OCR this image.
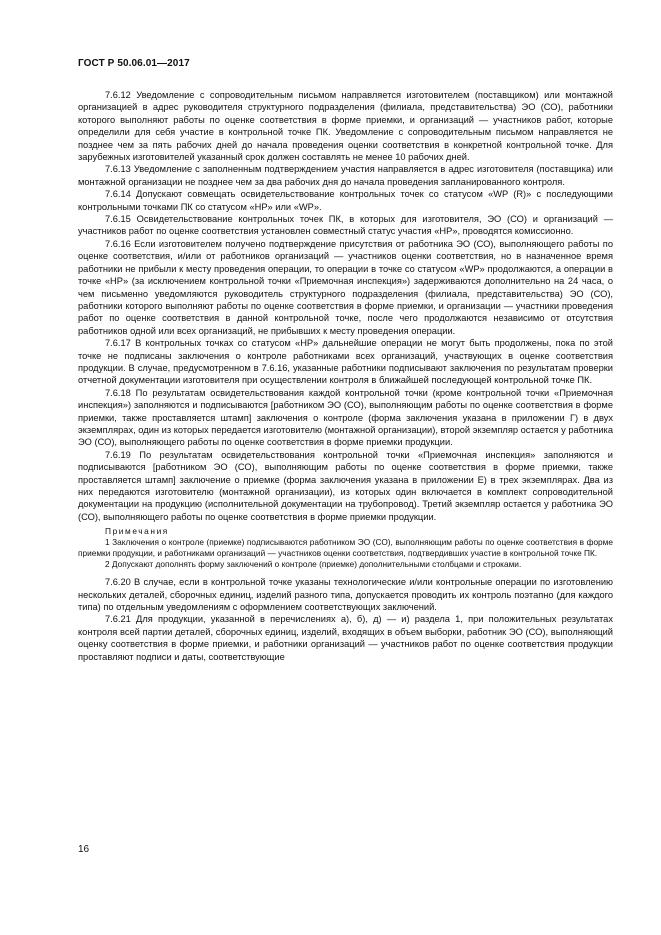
ГОСТ Р 50.06.01—2017

7.6.12 Уведомление с сопроводительным письмом направляется изготовителем (поставщиком) или монтажной организацией в адрес руководителя структурного подразделения (филиала, представительства) ЭО (СО), работники которого выполняют работы по оценке соответствия в форме приемки, и организаций — участников работ, которые определили для себя участие в контрольной точке ПК. Уведомление с сопроводительным письмом направляется не позднее чем за пять рабочих дней до начала проведения оценки соответствия в конкретной контрольной точке. Для зарубежных изготовителей указанный срок должен составлять не менее 10 рабочих дней.

7.6.13 Уведомление с заполненным подтверждением участия направляется в адрес изготовителя (поставщика) или монтажной организации не позднее чем за два рабочих дня до начала проведения запланированного контроля.

7.6.14 Допускают совмещать освидетельствование контрольных точек со статусом «WP (R)» с последующими контрольными точками ПК со статусом «HP» или «WP».

7.6.15 Освидетельствование контрольных точек ПК, в которых для изготовителя, ЭО (СО) и организаций — участников работ по оценке соответствия установлен совместный статус участия «HP», проводятся комиссионно.

7.6.16 Если изготовителем получено подтверждение присутствия от работника ЭО (СО), выполняющего работы по оценке соответствия, и/или от работников организаций — участников оценки соответствия, но в назначенное время работники не прибыли к месту проведения операции, то операции в точке со статусом «WP» продолжаются, а операции в точке «HP» (за исключением контрольной точки «Приемочная инспекция») задерживаются дополнительно на 24 часа, о чем письменно уведомляются руководитель структурного подразделения (филиала, представительства) ЭО (СО), работники которого выполняют работы по оценке соответствия в форме приемки, и организации — участники проведения работ по оценке соответствия в данной контрольной точке, после чего продолжаются независимо от отсутствия работников одной или всех организаций, не прибывших к месту проведения операции.

7.6.17 В контрольных точках со статусом «HP» дальнейшие операции не могут быть продолжены, пока по этой точке не подписаны заключения о контроле работниками всех организаций, участвующих в оценке соответствия продукции. В случае, предусмотренном в 7.6.16, указанные работники подписывают заключения по результатам проверки отчетной документации изготовителя при осуществлении контроля в ближайшей последующей контрольной точке ПК.

7.6.18 По результатам освидетельствования каждой контрольной точки (кроме контрольной точки «Приемочная инспекция») заполняются и подписываются [работником ЭО (СО), выполняющим работы по оценке соответствия в форме приемки, также проставляется штамп] заключения о контроле (форма заключения указана в приложении Г) в двух экземплярах, один из которых передается изготовителю (монтажной организации), второй экземпляр остается у работника ЭО (СО), выполняющего работы по оценке соответствия в форме приемки продукции.

7.6.19 По результатам освидетельствования контрольной точки «Приемочная инспекция» заполняются и подписываются [работником ЭО (СО), выполняющим работы по оценке соответствия в форме приемки, также проставляется штамп] заключение о приемке (форма заключения указана в приложении Е) в трех экземплярах. Два из них передаются изготовителю (монтажной организации), из которых один включается в комплект сопроводительной документации на продукцию (исполнительной документации на трубопровод). Третий экземпляр остается у работника ЭО (СО), выполняющего работы по оценке соответствия в форме приемки продукции.

Примечания

1 Заключения о контроле (приемке) подписываются работником ЭО (СО), выполняющим работы по оценке соответствия в форме приемки продукции, и работниками организаций — участников оценки соответствия, подтвердивших участие в контрольной точке ПК.

2 Допускают дополнять форму заключений о контроле (приемке) дополнительными столбцами и строками.

7.6.20 В случае, если в контрольной точке указаны технологические и/или контрольные операции по изготовлению нескольких деталей, сборочных единиц, изделий разного типа, допускается проводить их контроль поэтапно (для каждого типа) по отдельным уведомлениям с оформлением соответствующих заключений.

7.6.21 Для продукции, указанной в перечислениях а), б), д) — и) раздела 1, при положительных результатах контроля всей партии деталей, сборочных единиц, изделий, входящих в объем выборки, работник ЭО (СО), выполняющий оценку соответствия в форме приемки, и работники организаций — участников работ по оценке соответствия продукции проставляют подписи и даты, соответствующие

16
